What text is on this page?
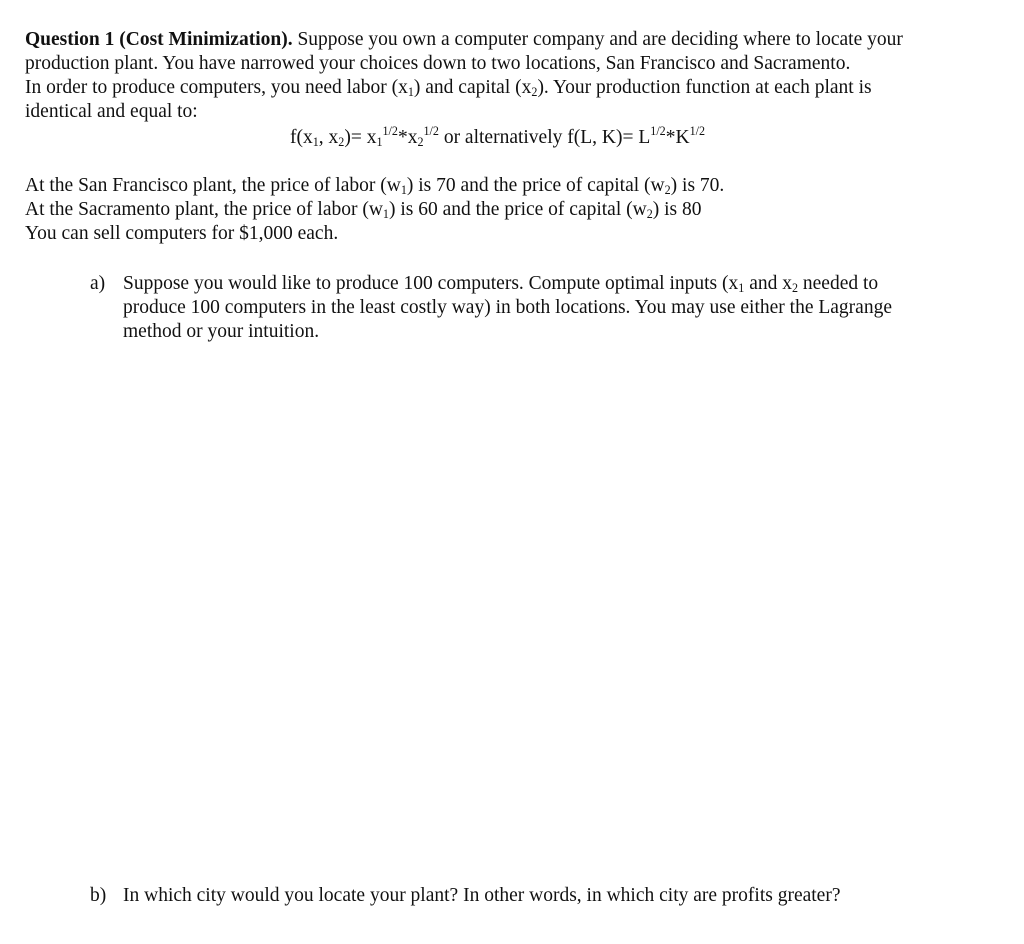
Question 1 (Cost Minimization). Suppose you own a computer company and are deciding where to locate your
production plant. You have narrowed your choices down to two locations, San Francisco and Sacramento.
In order to produce computers, you need labor $(x_1)$ and capital $(x_2)$. Your production function at each plant is
identical and equal to:
$f(x_1$, $x_2)= x_1^{1/2}*x_2^{1/2}$ or alternatively f(L, $K)= L^{1/2}*K^{1/2}$
At the San Francisco plant, the price of labor $(w_1)$ is 70 and the price of capital $(w_2)$ is 70.
At the Sacramento plant, the price of labor $(w_1)$ is 60 and the price of capital $(w_2)$ is 80
You can sell computers for $1,000 each.
a) Suppose you would like to produce 100 computers. Compute optimal inputs ($x_1$ and $x_2$ needed to
produce 100 computers in the least costly way) in both locations. You may use either the Lagrange
method or your intuition.
b) In which city would you locate your plant? In other words, in which city are profits greater?
